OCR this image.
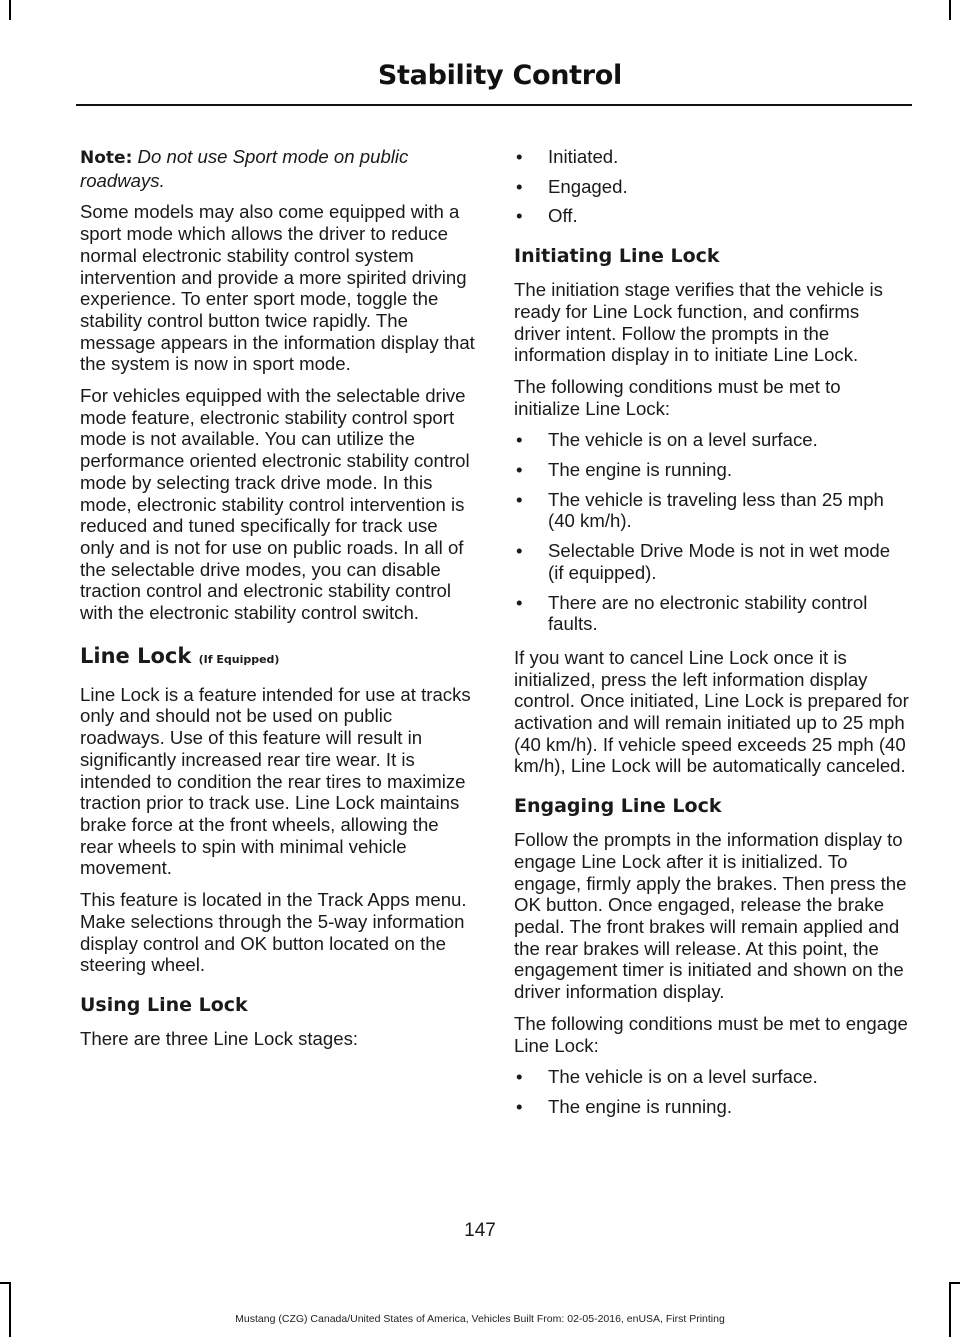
Stability Control

Note: Do not use Sport mode on public roadways.

Some models may also come equipped with a sport mode which allows the driver to reduce normal electronic stability control system intervention and provide a more spirited driving experience. To enter sport mode, toggle the stability control button twice rapidly. The message appears in the information display that the system is now in sport mode.

For vehicles equipped with the selectable drive mode feature, electronic stability control sport mode is not available. You can utilize the performance oriented electronic stability control mode by selecting track drive mode. In this mode, electronic stability control intervention is reduced and tuned specifically for track use only and is not for use on public roads. In all of the selectable drive modes, you can disable traction control and electronic stability control with the electronic stability control switch.

Line Lock (If Equipped)

Line Lock is a feature intended for use at tracks only and should not be used on public roadways. Use of this feature will result in significantly increased rear tire wear. It is intended to condition the rear tires to maximize traction prior to track use. Line Lock maintains brake force at the front wheels, allowing the rear wheels to spin with minimal vehicle movement.

This feature is located in the Track Apps menu. Make selections through the 5-way information display control and OK button located on the steering wheel.

Using Line Lock

There are three Line Lock stages:

• Initiated.
• Engaged.
• Off.
Initiating Line Lock

The initiation stage verifies that the vehicle is ready for Line Lock function, and confirms driver intent. Follow the prompts in the information display in to initiate Line Lock.

The following conditions must be met to initialize Line Lock:

• The vehicle is on a level surface.
• The engine is running.
• The vehicle is traveling less than 25 mph (40 km/h).
• Selectable Drive Mode is not in wet mode (if equipped).
• There are no electronic stability control faults.

If you want to cancel Line Lock once it is initialized, press the left information display control. Once initiated, Line Lock is prepared for activation and will remain initiated up to 25 mph (40 km/h). If vehicle speed exceeds 25 mph (40 km/h), Line Lock will be automatically canceled.

Engaging Line Lock

Follow the prompts in the information display to engage Line Lock after it is initialized. To engage, firmly apply the brakes. Then press the OK button. Once engaged, release the brake pedal. The front brakes will remain applied and the rear brakes will release. At this point, the engagement timer is initiated and shown on the driver information display.

The following conditions must be met to engage Line Lock:

• The vehicle is on a level surface.
• The engine is running.
147
Mustang (CZG) Canada/United States of America, Vehicles Built From: 02-05-2016, enUSA, First Printing
